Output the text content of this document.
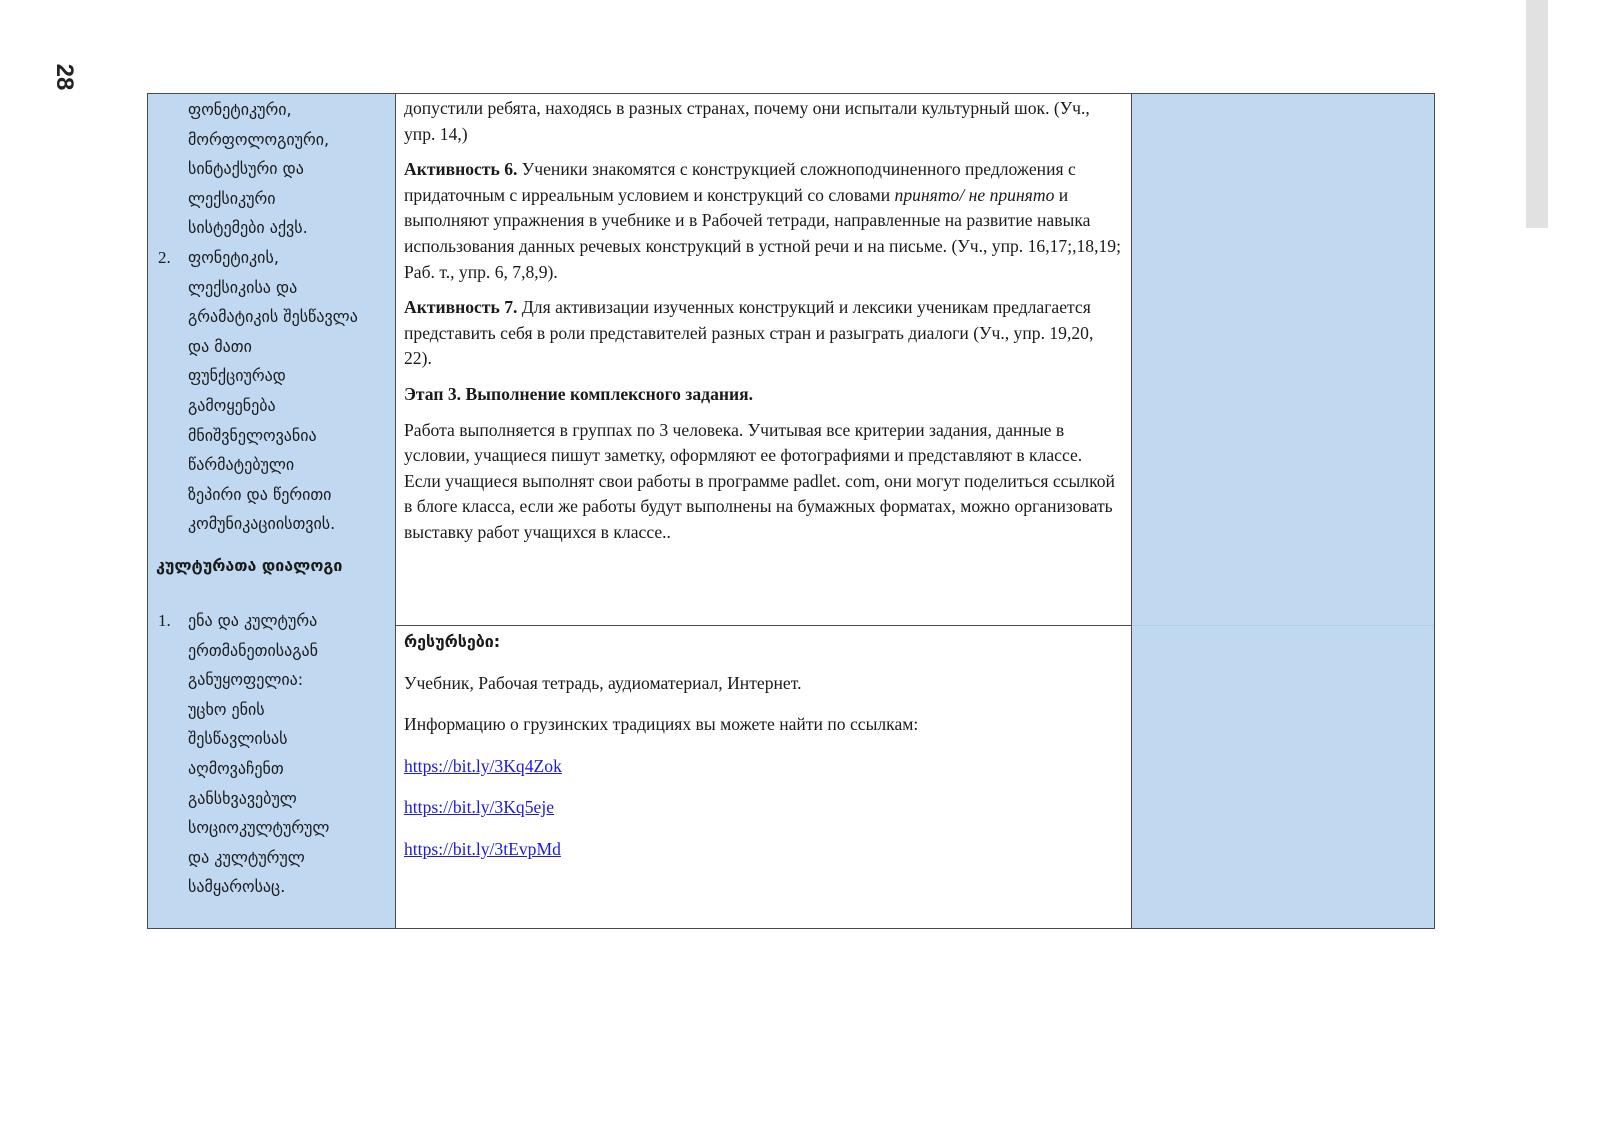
28
ფონეტიკური,
მორფოლოგიური,
სინტაქსური და
ლექსიკური
სისტემები აქვს.
2. ფონეტიკის,
ლექსიკისა და
გრამატიკის შესწავლა
და მათი
ფუნქციურად
გამოყენება
მნიშვნელოვანია
წარმატებული
ზეპირი და წერითი
კომუნიკაციისთვის.
კულტურათა დიალოგი
1. ენა და კულტურა
ერთმანეთისაგან
განუყოფელია:
უცხო ენის
შესწავლისას
აღმოვაჩენთ
განსხვავებულ
სოციოკულტურულ
და კულტურულ
სამყაროსაც.

допустили ребята, находясь в разных странах, почему они испытали культурный шок. (Уч., упр. 14,)

Активность 6. Ученики знакомятся с конструкцией сложноподчиненного предложения с придаточным с ирреальным условием и конструкций со словами принято/ не принято и выполняют упражнения в учебнике и в Рабочей тетради, направленные на развитие навыка использования данных речевых конструкций в устной речи и на письме. (Уч., упр. 16,17;,18,19; Раб. т., упр. 6, 7,8,9).

Активность 7. Для активизации изученных конструкций и лексики ученикам предлагается представить себя в роли представителей разных стран и разыграть диалоги (Уч., упр. 19,20, 22).

Этап 3. Выполнение комплексного задания.

Работа выполняется в группах по 3 человека. Учитывая все критерии задания, данные в условии, учащиеся пишут заметку, оформляют ее фотографиями и представляют в классе. Если учащиеся выполнят свои работы в программе padlet. com, они могут поделиться ссылкой в блоге класса, если же работы будут выполнены на бумажных форматах, можно организовать выставку работ учащихся в классе..

რესურსები:

Учебник, Рабочая тетрадь, аудиоматериал, Интернет.

Информацию о грузинских традициях вы можете найти по ссылкам:

https://bit.ly/3Kq4Zok

https://bit.ly/3Kq5eje

https://bit.ly/3tEvpMd
